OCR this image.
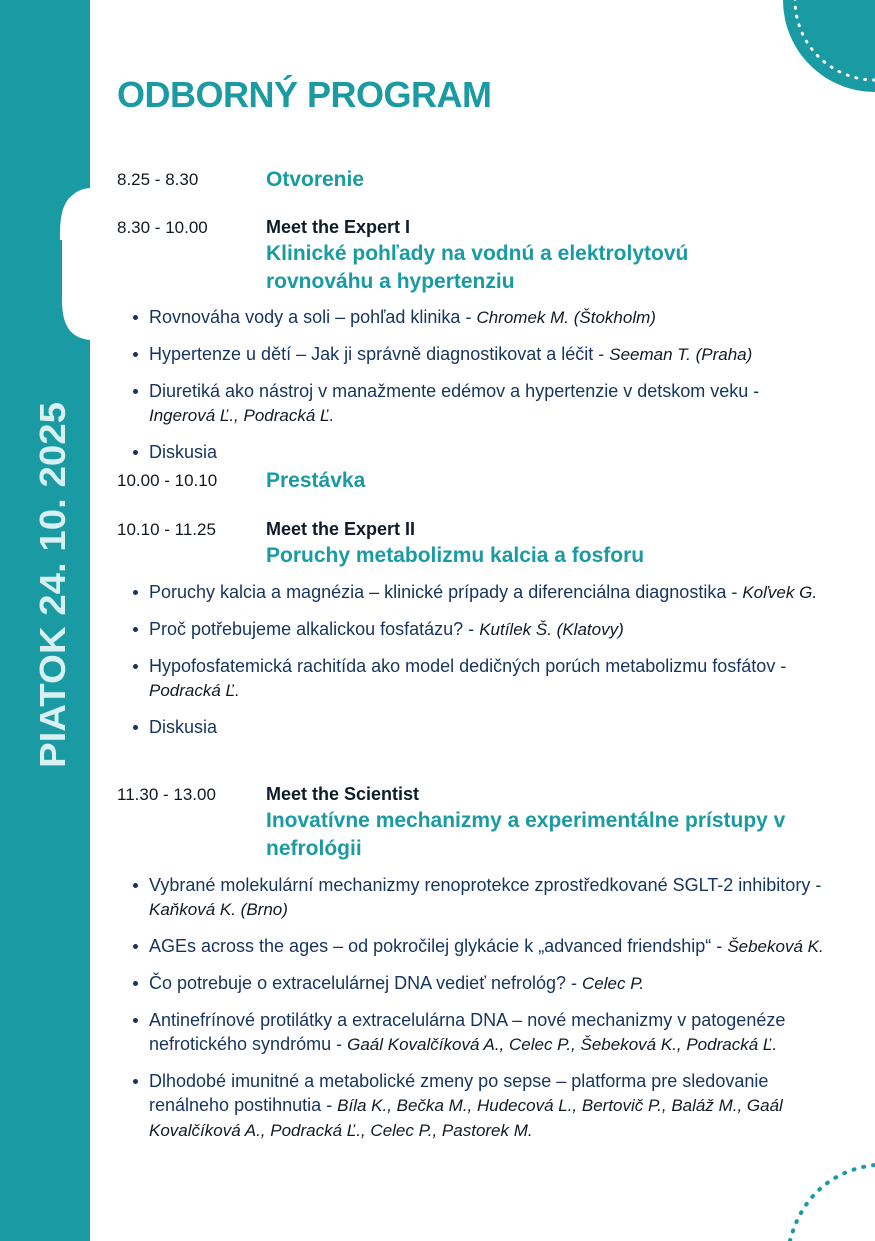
PIATOK 24. 10. 2025
ODBORNÝ PROGRAM
8.25 - 8.30	Otvorenie
8.30 - 10.00	Meet the Expert I
Klinické pohľady na vodnú a elektrolytovú rovnováhu a hypertenziu
Rovnováha vody a soli – pohľad klinika - Chromek M. (Štokholm)
Hypertenze u dětí – Jak ji správně diagnostikovat a léčit - Seeman T. (Praha)
Diuretiká ako nástroj v manažmente edémov a hypertenzie v detskom veku - Ingerová Ľ., Podracká Ľ.
Diskusia
10.00 - 10.10	Prestávka
10.10 - 11.25	Meet the Expert II
Poruchy metabolizmu kalcia a fosforu
Poruchy kalcia a magnézia – klinické prípady a diferenciálna diagnostika - Koľvek G.
Proč potřebujeme alkalickou fosfatázu? - Kutílek Š. (Klatovy)
Hypofosfatemická rachitída ako model dedičných porúch metabolizmu fosfátov - Podracká Ľ.
Diskusia
11.30 - 13.00	Meet the Scientist
Inovatívne mechanizmy a experimentálne prístupy v nefrológii
Vybrané molekulární mechanizmy renoprotekce zprostředkované SGLT-2 inhibitory - Kaňková K. (Brno)
AGEs across the ages – od pokročilej glykácie k „advanced friendship“ - Šebeková K.
Čo potrebuje o extracelulárnej DNA vedieť nefrológ? - Celec P.
Antinefrínové protilátky a extracelulárna DNA – nové mechanizmy v patogenéze nefrotického syndrómu - Gaál Kovalčíková A., Celec P., Šebeková K., Podracká Ľ.
Dlhodobé imunitné a metabolické zmeny po sepse – platforma pre sledovanie renálneho postihnutia - Bíla K., Bečka M., Hudecová L., Bertovič P., Baláž M., Gaál Kovalčíková A., Podracká Ľ., Celec P., Pastorek M.
